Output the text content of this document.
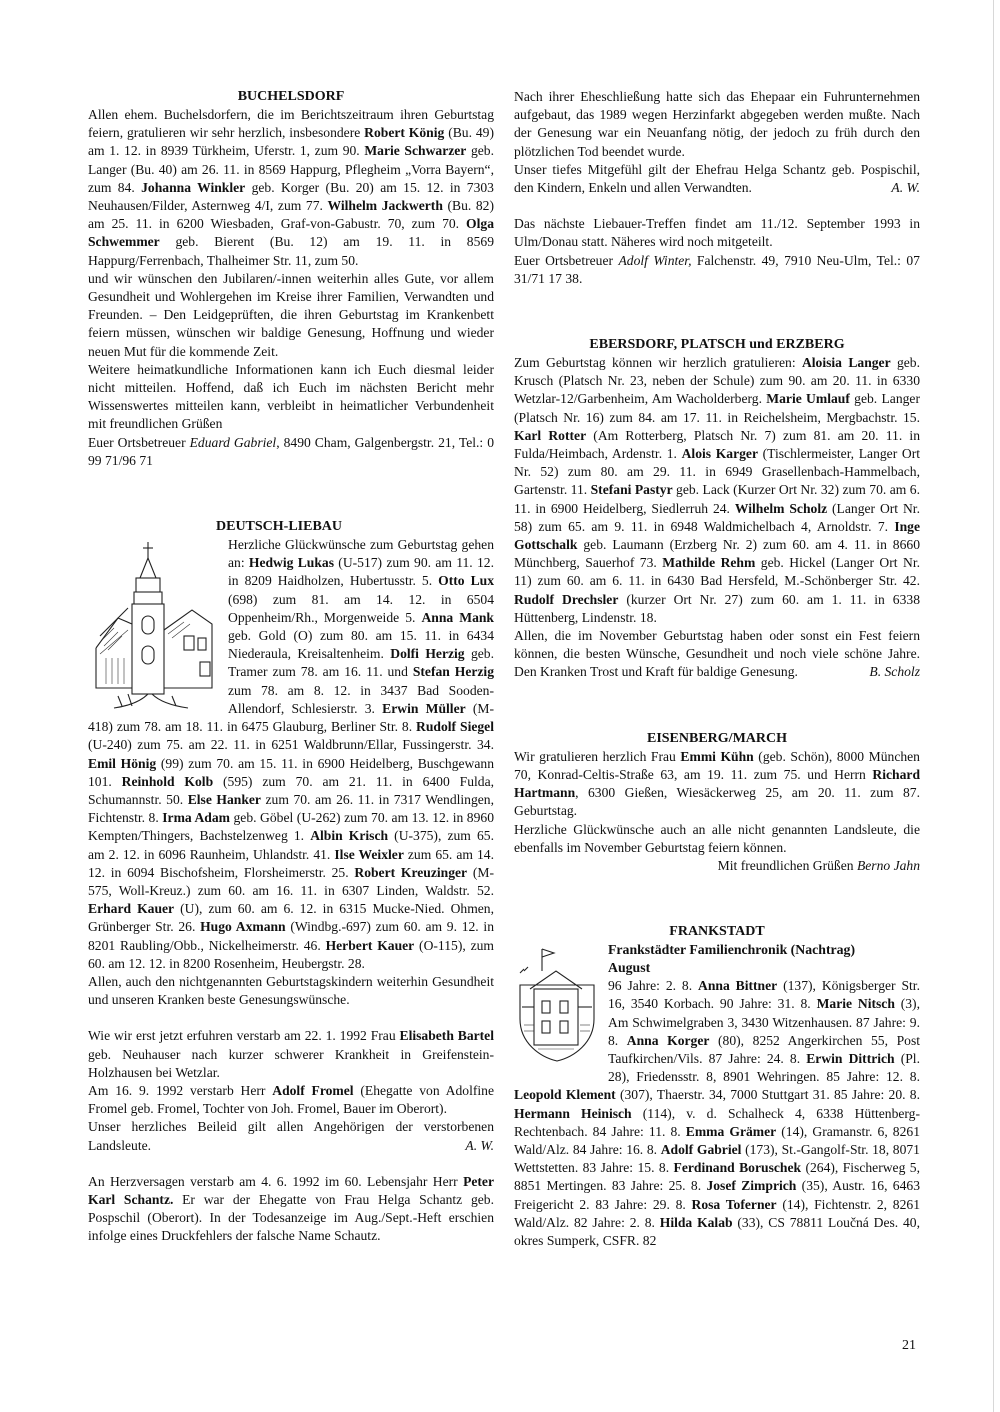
BUCHELSDORF

Allen ehem. Buchelsdorfern, die im Berichtszeitraum ihren Geburtstag feiern, gratulieren wir sehr herzlich, insbesondere Robert König (Bu. 49) am 1. 12. in 8939 Türkheim, Uferstr. 1, zum 90. Marie Schwarzer geb. Langer (Bu. 40) am 26. 11. in 8569 Happurg, Pflegheim „Vorra Bayern“, zum 84. Johanna Winkler geb. Korger (Bu. 20) am 15. 12. in 7303 Neuhausen/Filder, Asternweg 4/I, zum 77. Wilhelm Jackwerth (Bu. 82) am 25. 11. in 6200 Wiesbaden, Graf-von-Gabustr. 70, zum 70. Olga Schwemmer geb. Bierent (Bu. 12) am 19. 11. in 8569 Happurg/Ferrenbach, Thalheimer Str. 11, zum 50.

und wir wünschen den Jubilaren/-innen weiterhin alles Gute, vor allem Gesundheit und Wohlergehen im Kreise ihrer Familien, Verwandten und Freunden. – Den Leidgeprüften, die ihren Geburtstag im Krankenbett feiern müssen, wünschen wir baldige Genesung, Hoffnung und wieder neuen Mut für die kommende Zeit.

Weitere heimatkundliche Informationen kann ich Euch diesmal leider nicht mitteilen. Hoffend, daß ich Euch im nächsten Bericht mehr Wissenswertes mitteilen kann, verbleibt in heimatlicher Verbundenheit mit freundlichen Grüßen

Euer Ortsbetreuer Eduard Gabriel, 8490 Cham, Galgenbergstr. 21, Tel.: 0 99 71/96 71

DEUTSCH-LIEBAU

Herzliche Glückwünsche zum Geburtstag gehen an: Hedwig Lukas (U-517) zum 90. am 11. 12. in 8209 Haidholzen, Hubertusstr. 5. Otto Lux (698) zum 81. am 14. 12. in 6504 Oppenheim/Rh., Morgenweide 5. Anna Mank geb. Gold (O) zum 80. am 15. 11. in 6434 Niederaula, Kreisaltenheim. Dolfi Herzig geb. Tramer zum 78. am 16. 11. und Stefan Herzig zum 78. am 8. 12. in 3437 Bad Sooden-Allendorf, Schlesierstr. 3. Erwin Müller (M-418) zum 78. am 18. 11. in 6475 Glauburg, Berliner Str. 8. Rudolf Siegel (U-240) zum 75. am 22. 11. in 6251 Waldbrunn/Ellar, Fussingerstr. 34. Emil Hönig (99) zum 70. am 15. 11. in 6900 Heidelberg, Buschgewann 101. Reinhold Kolb (595) zum 70. am 21. 11. in 6400 Fulda, Schumannstr. 50. Else Hanker zum 70. am 26. 11. in 7317 Wendlingen, Fichtenstr. 8. Irma Adam geb. Göbel (U-262) zum 70. am 13. 12. in 8960 Kempten/Thingers, Bachstelzenweg 1. Albin Krisch (U-375), zum 65. am 2. 12. in 6096 Raunheim, Uhlandstr. 41. Ilse Weixler zum 65. am 14. 12. in 6094 Bischofsheim, Florsheimerstr. 25. Robert Kreuzinger (M-575, Woll-Kreuz.) zum 60. am 16. 11. in 6307 Linden, Waldstr. 52. Erhard Kauer (U), zum 60. am 6. 12. in 6315 Mucke-Nied. Ohmen, Grünberger Str. 26. Hugo Axmann (Windbg.-697) zum 60. am 9. 12. in 8201 Raubling/Obb., Nickelheimerstr. 46. Herbert Kauer (O-115), zum 60. am 12. 12. in 8200 Rosenheim, Heubergstr. 28.

Allen, auch den nichtgenannten Geburtstagskindern weiterhin Gesundheit und unseren Kranken beste Genesungswünsche.

Wie wir erst jetzt erfuhren verstarb am 22. 1. 1992 Frau Elisabeth Bartel geb. Neuhauser nach kurzer schwerer Krankheit in Greifenstein-Holzhausen bei Wetzlar.

Am 16. 9. 1992 verstarb Herr Adolf Fromel (Ehegatte von Adolfine Fromel geb. Fromel, Tochter von Joh. Fromel, Bauer im Oberort).

Unser herzliches Beileid gilt allen Angehörigen der verstorbenen Landsleute.	A. W.

An Herzversagen verstarb am 4. 6. 1992 im 60. Lebensjahr Herr Peter Karl Schantz. Er war der Ehegatte von Frau Helga Schantz geb. Pospschil (Oberort). In der Todesanzeige im Aug./Sept.-Heft erschien infolge eines Druckfehlers der falsche Name Schautz.

Nach ihrer Eheschließung hatte sich das Ehepaar ein Fuhrunternehmen aufgebaut, das 1989 wegen Herzinfarkt abgegeben werden mußte. Nach der Genesung war ein Neuanfang nötig, der jedoch zu früh durch den plötzlichen Tod beendet wurde.

Unser tiefes Mitgefühl gilt der Ehefrau Helga Schantz geb. Pospischil, den Kindern, Enkeln und allen Verwandten.	A. W.

Das nächste Liebauer-Treffen findet am 11./12. September 1993 in Ulm/Donau statt. Näheres wird noch mitgeteilt.

Euer Ortsbetreuer Adolf Winter, Falchenstr. 49, 7910 Neu-Ulm, Tel.: 07 31/71 17 38.

EBERSDORF, PLATSCH und ERZBERG

Zum Geburtstag können wir herzlich gratulieren: Aloisia Langer geb. Krusch (Platsch Nr. 23, neben der Schule) zum 90. am 20. 11. in 6330 Wetzlar-12/Garbenheim, Am Wacholderberg. Marie Umlauf geb. Langer (Platsch Nr. 16) zum 84. am 17. 11. in Reichelsheim, Mergbachstr. 15. Karl Rotter (Am Rotterberg, Platsch Nr. 7) zum 81. am 20. 11. in Fulda/Heimbach, Ardenstr. 1. Alois Karger (Tischlermeister, Langer Ort Nr. 52) zum 80. am 29. 11. in 6949 Grasellenbach-Hammelbach, Gartenstr. 11. Stefani Pastyr geb. Lack (Kurzer Ort Nr. 32) zum 70. am 6. 11. in 6900 Heidelberg, Siedlerruh 24. Wilhelm Scholz (Langer Ort Nr. 58) zum 65. am 9. 11. in 6948 Waldmichelbach 4, Arnoldstr. 7. Inge Gottschalk geb. Laumann (Erzberg Nr. 2) zum 60. am 4. 11. in 8660 Münchberg, Sauerhof 73. Mathilde Rehm geb. Hickel (Langer Ort Nr. 11) zum 60. am 6. 11. in 6430 Bad Hersfeld, M.-Schönberger Str. 42. Rudolf Drechsler (kurzer Ort Nr. 27) zum 60. am 1. 11. in 6338 Hüttenberg, Lindenstr. 18.

Allen, die im November Geburtstag haben oder sonst ein Fest feiern können, die besten Wünsche, Gesundheit und noch viele schöne Jahre. Den Kranken Trost und Kraft für baldige Genesung.	B. Scholz

EISENBERG/MARCH

Wir gratulieren herzlich Frau Emmi Kühn (geb. Schön), 8000 München 70, Konrad-Celtis-Straße 63, am 19. 11. zum 75. und Herrn Richard Hartmann, 6300 Gießen, Wiesäckerweg 25, am 20. 11. zum 87. Geburtstag.

Herzliche Glückwünsche auch an alle nicht genannten Landsleute, die ebenfalls im November Geburtstag feiern können.

Mit freundlichen Grüßen Berno Jahn

FRANKSTADT
Frankstädter Familienchronik (Nachtrag)
August

96 Jahre: 2. 8. Anna Bittner (137), Königsberger Str. 16, 3540 Korbach. 90 Jahre: 31. 8. Marie Nitsch (3), Am Schwimelgraben 3, 3430 Witzenhausen. 87 Jahre: 9. 8. Anna Korger (80), 8252 Angerkirchen 55, Post Taufkirchen/Vils. 87 Jahre: 24. 8. Erwin Dittrich (Pl. 28), Friedensstr. 8, 8901 Wehringen. 85 Jahre: 12. 8. Leopold Klement (307), Thaerstr. 34, 7000 Stuttgart 31. 85 Jahre: 20. 8. Hermann Heinisch (114), v. d. Schalheck 4, 6338 Hüttenberg-Rechtenbach. 84 Jahre: 11. 8. Emma Grämer (14), Gramanstr. 6, 8261 Wald/Alz. 84 Jahre: 16. 8. Adolf Gabriel (173), St.-Gangolf-Str. 18, 8071 Wettstetten. 83 Jahre: 15. 8. Ferdinand Boruschek (264), Fischerweg 5, 8851 Mertingen. 83 Jahre: 25. 8. Josef Zimprich (35), Austr. 16, 6463 Freigericht 2. 83 Jahre: 29. 8. Rosa Toferner (14), Fichtenstr. 2, 8261 Wald/Alz. 82 Jahre: 2. 8. Hilda Kalab (33), CS 78811 Loučná Des. 40, okres Sumperk, CSFR. 82

21
